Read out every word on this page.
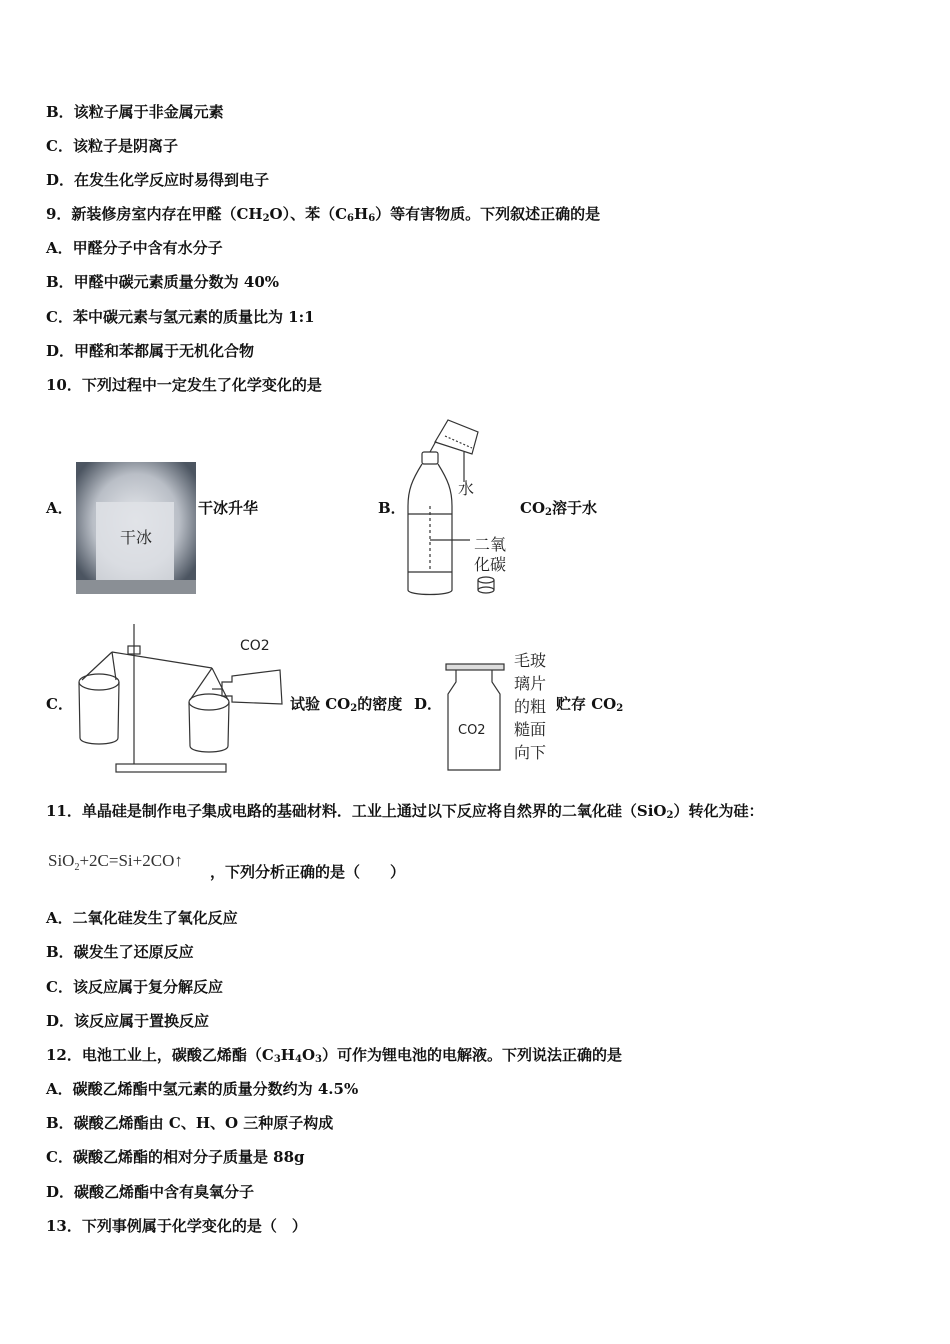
B．该粒子属于非金属元素
C．该粒子是阴离子
D．在发生化学反应时易得到电子
9．新装修房室内存在甲醛$(CH_2O)$、苯$(C_6H_6)$等有害物质。下列叙述正确的是
A．甲醛分子中含有水分子
B．甲醛中碳元素质量分数为 40%
C．苯中碳元素与氢元素的质量比为 1:1
D．甲醛和苯都属于无机化合物
10．下列过程中一定发生了化学变化的是
A．
干冰
干冰升华	B．
水
二氧
化碳
$CO_2$溶于水
C．
CO2
试验 $CO_2$的密度 D．
CO2
毛玻
璃片
的粗
糙面
向下
贮存 $CO_2$
11．单晶硅是制作电子集成电路的基础材料．工业上通过以下反应将自然界的二氧化硅（SiO$_2$）转化为硅：
SiO$_2$+2C=Si+2CO↑
，下列分析正确的是（　　）
A．二氧化硅发生了氧化反应
B．碳发生了还原反应
C．该反应属于复分解反应
D．该反应属于置换反应
12．电池工业上，碳酸乙烯酯$(C_3H_4O_3)$可作为锂电池的电解液。下列说法正确的是
A．碳酸乙烯酯中氢元素的质量分数约为 4.5%
B．碳酸乙烯酯由 C、H、O 三种原子构成
C．碳酸乙烯酯的相对分子质量是 88g
D．碳酸乙烯酯中含有臭氧分子
13．下列事例属于化学变化的是（　）
